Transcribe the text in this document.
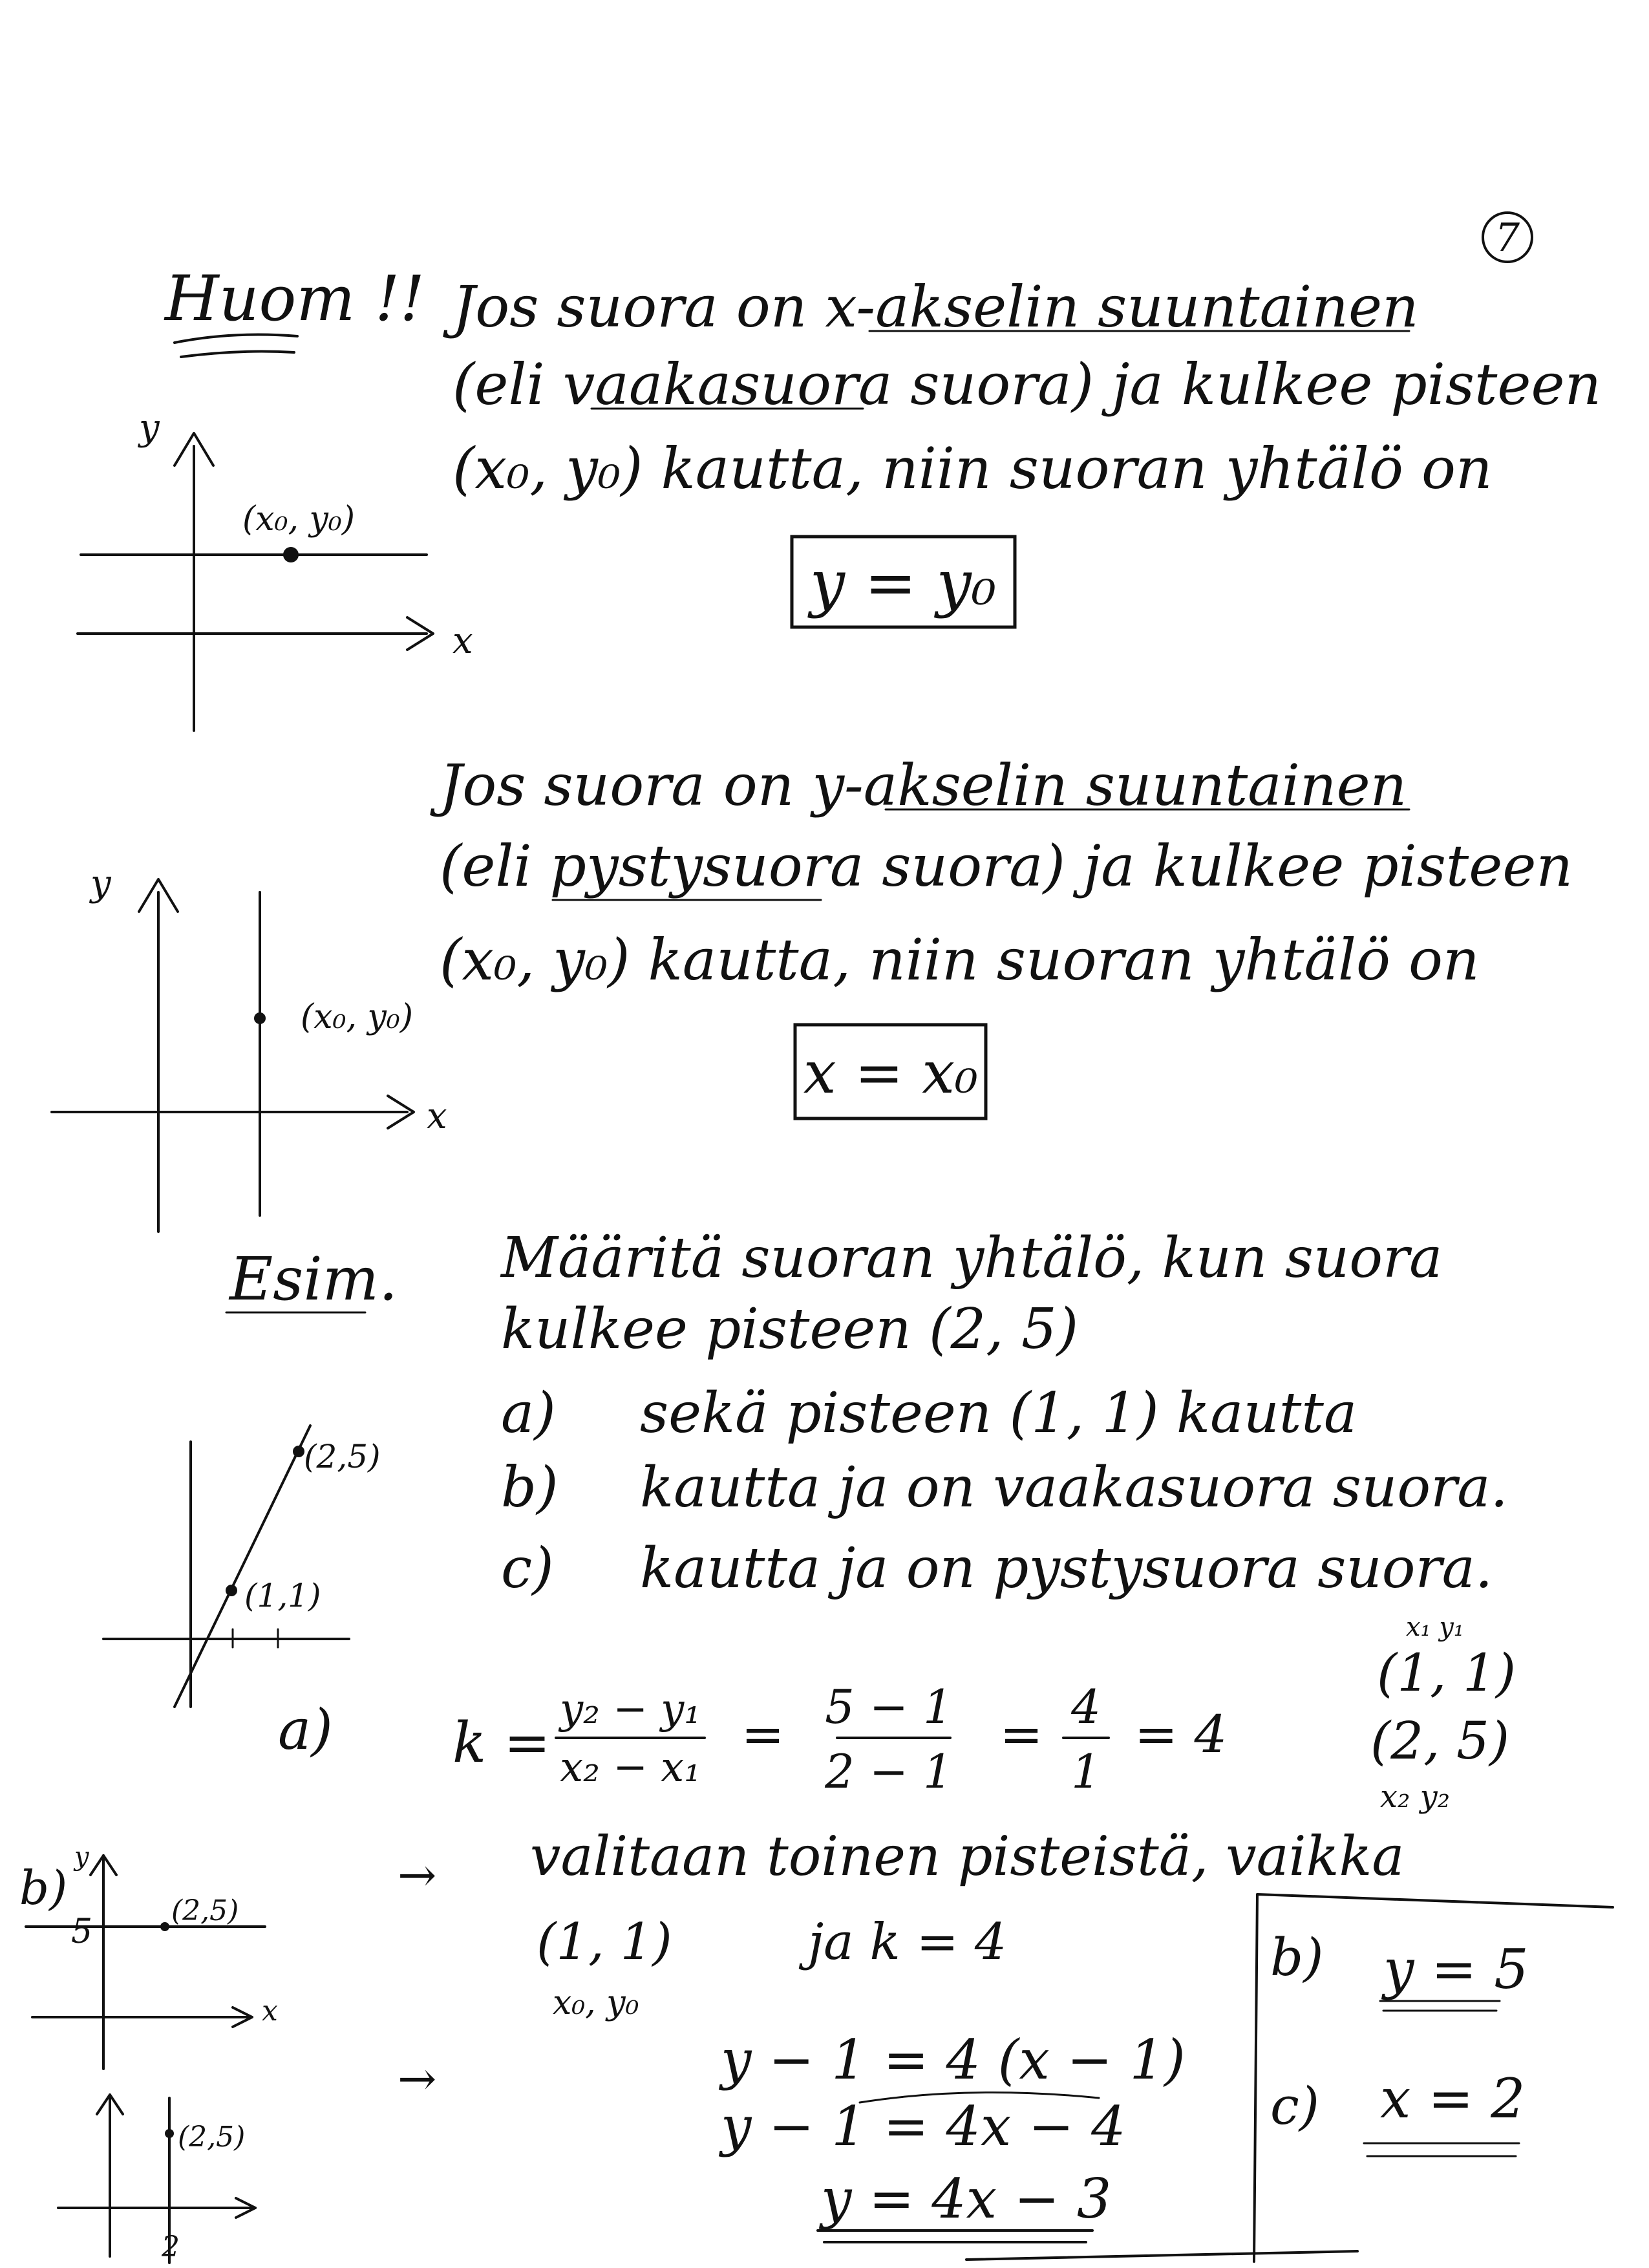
7
Huom !! Jos suora on x-akselin suuntainen
(eli vaakasuora suora) ja kulkee pisteen
(x₀, y₀) kautta, niin suoran yhtälö on
y = y₀
(x₀, y₀)
x
y
Jos suora on y-akselin suuntainen
(eli pystysuora suora) ja kulkee pisteen
(x₀, y₀) kautta, niin suoran yhtälö on
x = x₀
(x₀, y₀)
x
y
Esim. Määritä suoran yhtälö, kun suora
kulkee pisteen (2, 5)
a) sekä pisteen (1, 1) kautta
b) kautta ja on vaakasuora suora.
c) kautta ja on pystysuora suora.
(2,5)
(1,1)
x₁ y₁
(1, 1)
(2, 5)
x₂ y₂
a) k =
y₂ − y₁
x₂ − x₁
= 5 − 1
2 − 1
= 4
1
= 4
b)
y
5
(2,5)
x
(2,5)
2
→ valitaan toinen pisteistä, vaikka
(1, 1)
x₀, y₀
ja k = 4
→	y − 1 = 4 (x − 1)
y − 1 = 4x − 4
y = 4x − 3
b) y = 5
c) x = 2
